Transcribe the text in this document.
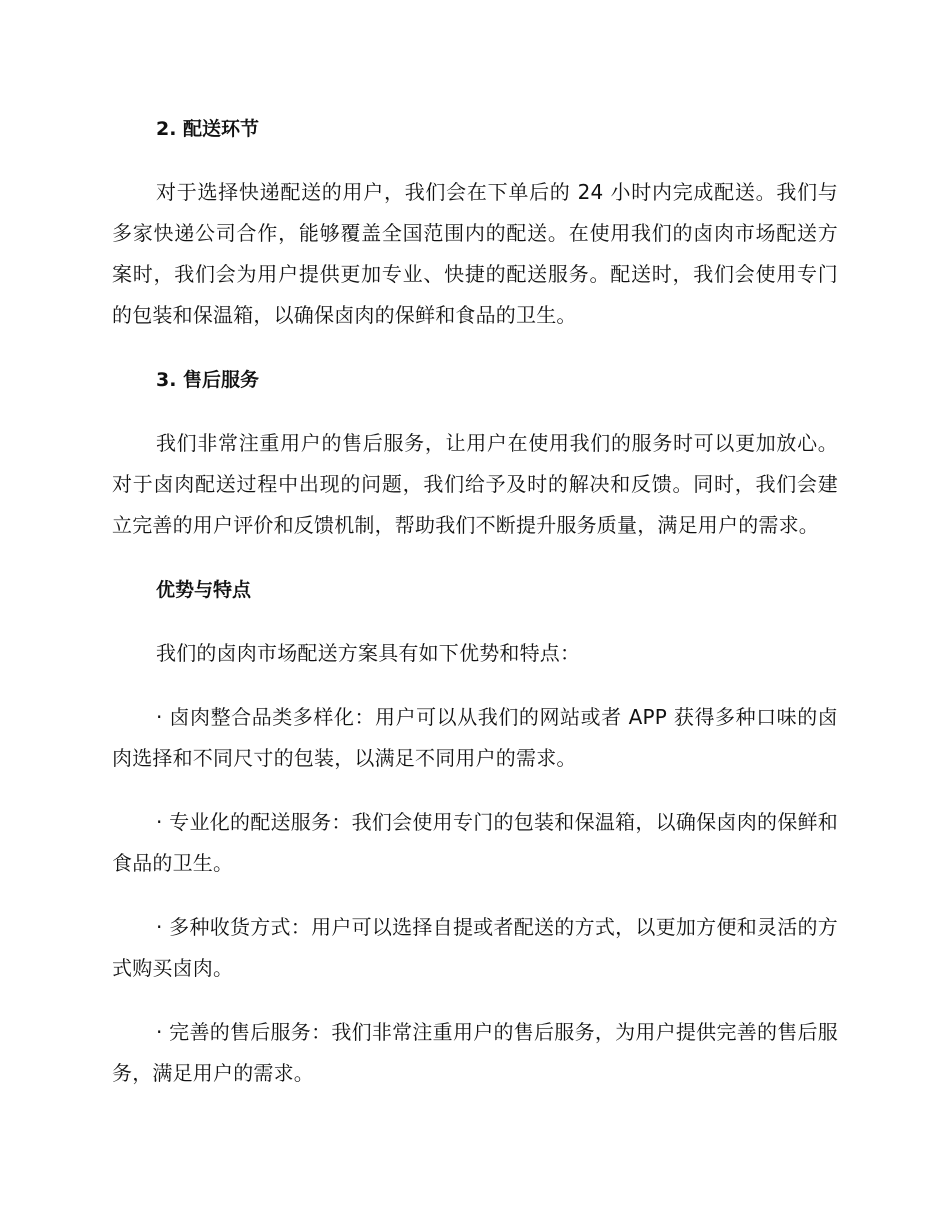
2. 配送环节

对于选择快递配送的用户，我们会在下单后的 24 小时内完成配送。我们与多家快递公司合作，能够覆盖全国范围内的配送。在使用我们的卤肉市场配送方案时，我们会为用户提供更加专业、快捷的配送服务。配送时，我们会使用专门的包装和保温箱，以确保卤肉的保鲜和食品的卫生。

3. 售后服务

我们非常注重用户的售后服务，让用户在使用我们的服务时可以更加放心。对于卤肉配送过程中出现的问题，我们给予及时的解决和反馈。同时，我们会建立完善的用户评价和反馈机制，帮助我们不断提升服务质量，满足用户的需求。

优势与特点

我们的卤肉市场配送方案具有如下优势和特点：

· 卤肉整合品类多样化：用户可以从我们的网站或者 APP 获得多种口味的卤肉选择和不同尺寸的包装，以满足不同用户的需求。

· 专业化的配送服务：我们会使用专门的包装和保温箱，以确保卤肉的保鲜和食品的卫生。

· 多种收货方式：用户可以选择自提或者配送的方式，以更加方便和灵活的方式购买卤肉。

· 完善的售后服务：我们非常注重用户的售后服务，为用户提供完善的售后服务，满足用户的需求。
